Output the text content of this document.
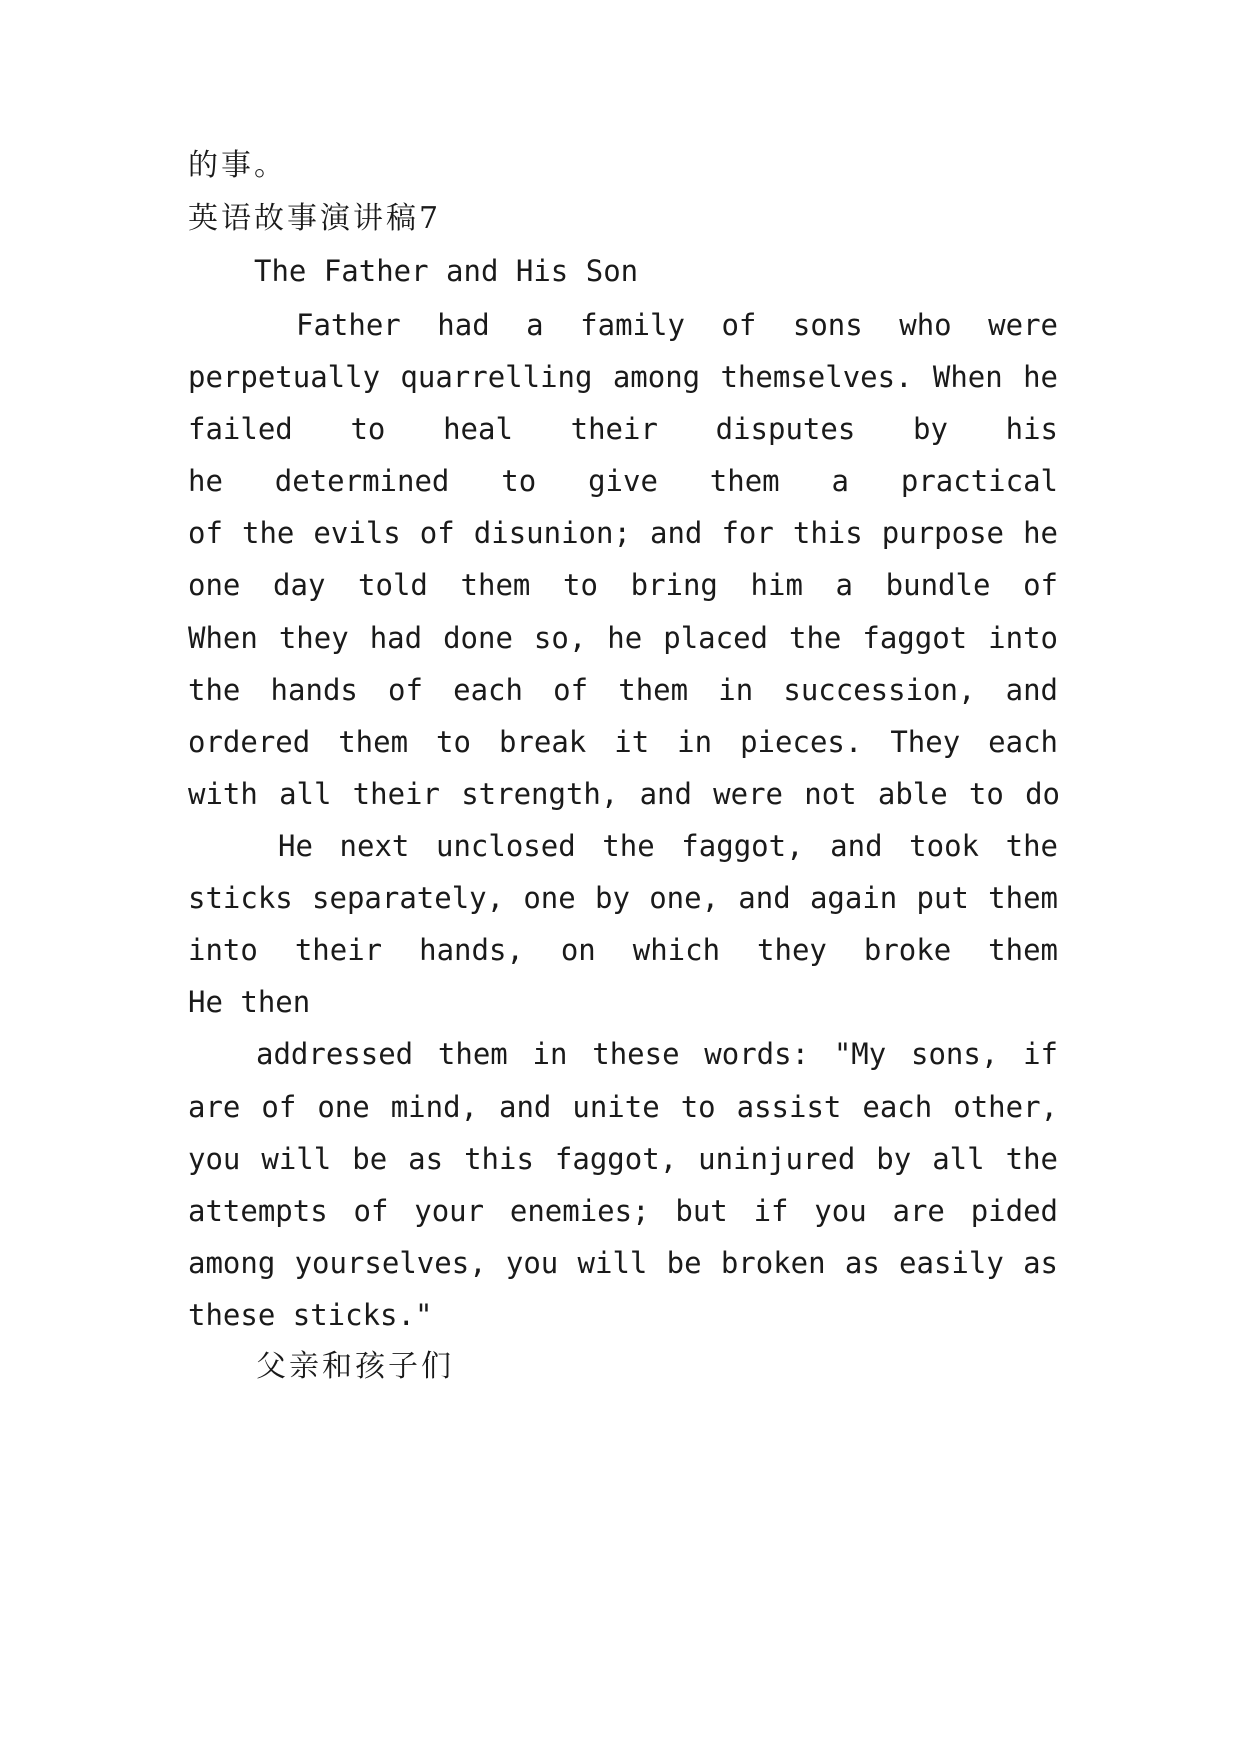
的事。
英语故事演讲稿7
The Father and His Son
Father had a family of sons who were
perpetually quarrelling among themselves. When he
failed to heal their disputes by his
he determined to give them a practical
of the evils of disunion; and for this purpose he
one day told them to bring him a bundle of
When they had done so, he placed the faggot into
the hands of each of them in succession, and
ordered them to break it in pieces. They each
with all their strength, and were not able to do
He next unclosed the faggot, and took the
sticks separately, one by one, and again put them
into their hands, on which they broke them
He then
addressed them in these words: "My sons, if
are of one mind, and unite to assist each other,
you will be as this faggot, uninjured by all the
attempts of your enemies; but if you are pided
among yourselves, you will be broken as easily as
these sticks."
父亲和孩子们
